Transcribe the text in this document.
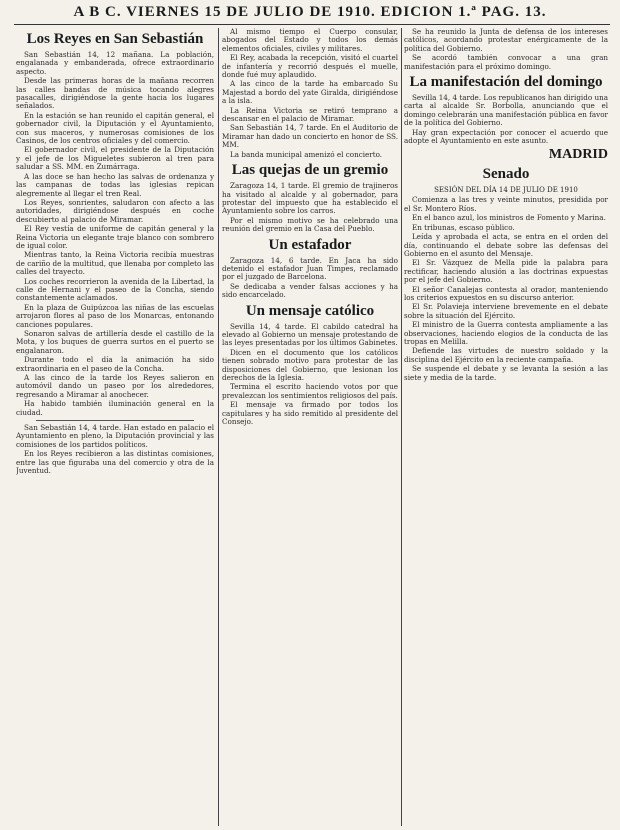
A B C. VIERNES 15 DE JULIO DE 1910. EDICION 1.ª PAG. 13.
Los Reyes en San Sebastián

San Sebastián 14, 12 mañana. La población, engalanada y embanderada, ofrece extraordinario aspecto.

Desde las primeras horas de la mañana recorren las calles bandas de música tocando alegres pasacalles, dirigiéndose la gente hacia los lugares señalados.

En la estación se han reunido el capitán general, el gobernador civil, la Diputación y el Ayuntamiento, con sus maceros, y numerosas comisiones de los Casinos, de los centros oficiales y del comercio.

El gobernador civil, el presidente de la Diputación y el jefe de los Migueletes subieron al tren para saludar a SS. MM. en Zumárraga.

A las doce se han hecho las salvas de ordenanza y las campanas de todas las iglesias repican alegremente al llegar el tren Real.

Los Reyes, sonrientes, saludaron con afecto a las autoridades, dirigiéndose después en coche descubierto al palacio de Miramar.

El Rey vestía de uniforme de capitán general y la Reina Victoria un elegante traje blanco con sombrero de igual color.

Mientras tanto, la Reina Victoria recibía muestras de cariño de la multitud, que llenaba por completo las calles del trayecto.

Los coches recorrieron la avenida de la Libertad, la calle de Hernani y el paseo de la Concha, siendo constantemente aclamados.

En la plaza de Guipúzcoa las niñas de las escuelas arrojaron flores al paso de los Monarcas, entonando canciones populares.

Sonaron salvas de artillería desde el castillo de la Mota, y los buques de guerra surtos en el puerto se engalanaron.

Durante todo el día la animación ha sido extraordinaria en el paseo de la Concha.

A las cinco de la tarde los Reyes salieron en automóvil dando un paseo por los alrededores, regresando a Miramar al anochecer.

Ha habido también iluminación general en la ciudad.

San Sebastián 14, 4 tarde. Han estado en palacio el Ayuntamiento en pleno, la Diputación provincial y las comisiones de los partidos políticos.

En los Reyes recibieron a las distintas comisiones, entre las que figuraba una del comercio y otra de la Juventud.

Al mismo tiempo el Cuerpo consular, abogados del Estado y todos los demás elementos oficiales, civiles y militares.

El Rey, acabada la recepción, visitó el cuartel de infantería y recorrió después el muelle, donde fué muy aplaudido.

A las cinco de la tarde ha embarcado Su Majestad a bordo del yate Giralda, dirigiéndose a la isla.

La Reina Victoria se retiró temprano a descansar en el palacio de Miramar.

San Sebastián 14, 7 tarde. En el Auditorio de Miramar han dado un concierto en honor de SS. MM.

La banda municipal amenizó el concierto.

Las quejas de un gremio

Zaragoza 14, 1 tarde. El gremio de trajineros ha visitado al alcalde y al gobernador, para protestar del impuesto que ha establecido el Ayuntamiento sobre los carros.

Por el mismo motivo se ha celebrado una reunión del gremio en la Casa del Pueblo.

Un estafador

Zaragoza 14, 6 tarde. En Jaca ha sido detenido el estafador Juan Timpes, reclamado por el juzgado de Barcelona.

Se dedicaba a vender falsas acciones y ha sido encarcelado.

Un mensaje católico

Sevilla 14, 4 tarde. El cabildo catedral ha elevado al Gobierno un mensaje protestando de las leyes presentadas por los últimos Gabinetes.

Dicen en el documento que los católicos tienen sobrado motivo para protestar de las disposiciones del Gobierno, que lesionan los derechos de la Iglesia.

Termina el escrito haciendo votos por que prevalezcan los sentimientos religiosos del país.

El mensaje va firmado por todos los capitulares y ha sido remitido al presidente del Consejo.

Se ha reunido la Junta de defensa de los intereses católicos, acordando protestar enérgicamente de la política del Gobierno.

Se acordó también convocar a una gran manifestación para el próximo domingo.

La manifestación del domingo

Sevilla 14, 4 tarde. Los republicanos han dirigido una carta al alcalde Sr. Borbolla, anunciando que el domingo celebrarán una manifestación pública en favor de la política del Gobierno.

Hay gran expectación por conocer el acuerdo que adopte el Ayuntamiento en este asunto.

MADRID
Senado
SESIÓN DEL DÍA 14 DE JULIO DE 1910

Comienza a las tres y veinte minutos, presidida por el Sr. Montero Ríos.

En el banco azul, los ministros de Fomento y Marina.

En tribunas, escaso público.

Leída y aprobada el acta, se entra en el orden del día, continuando el debate sobre las defensas del Gobierno en el asunto del Mensaje.

El Sr. Vázquez de Mella pide la palabra para rectificar, haciendo alusión a las doctrinas expuestas por el jefe del Gobierno.

El señor Canalejas contesta al orador, manteniendo los criterios expuestos en su discurso anterior.

El Sr. Polavieja interviene brevemente en el debate sobre la situación del Ejército.

El ministro de la Guerra contesta ampliamente a las observaciones, haciendo elogios de la conducta de las tropas en Melilla.

Defiende las virtudes de nuestro soldado y la disciplina del Ejército en la reciente campaña.

Se suspende el debate y se levanta la sesión a las siete y media de la tarde.
